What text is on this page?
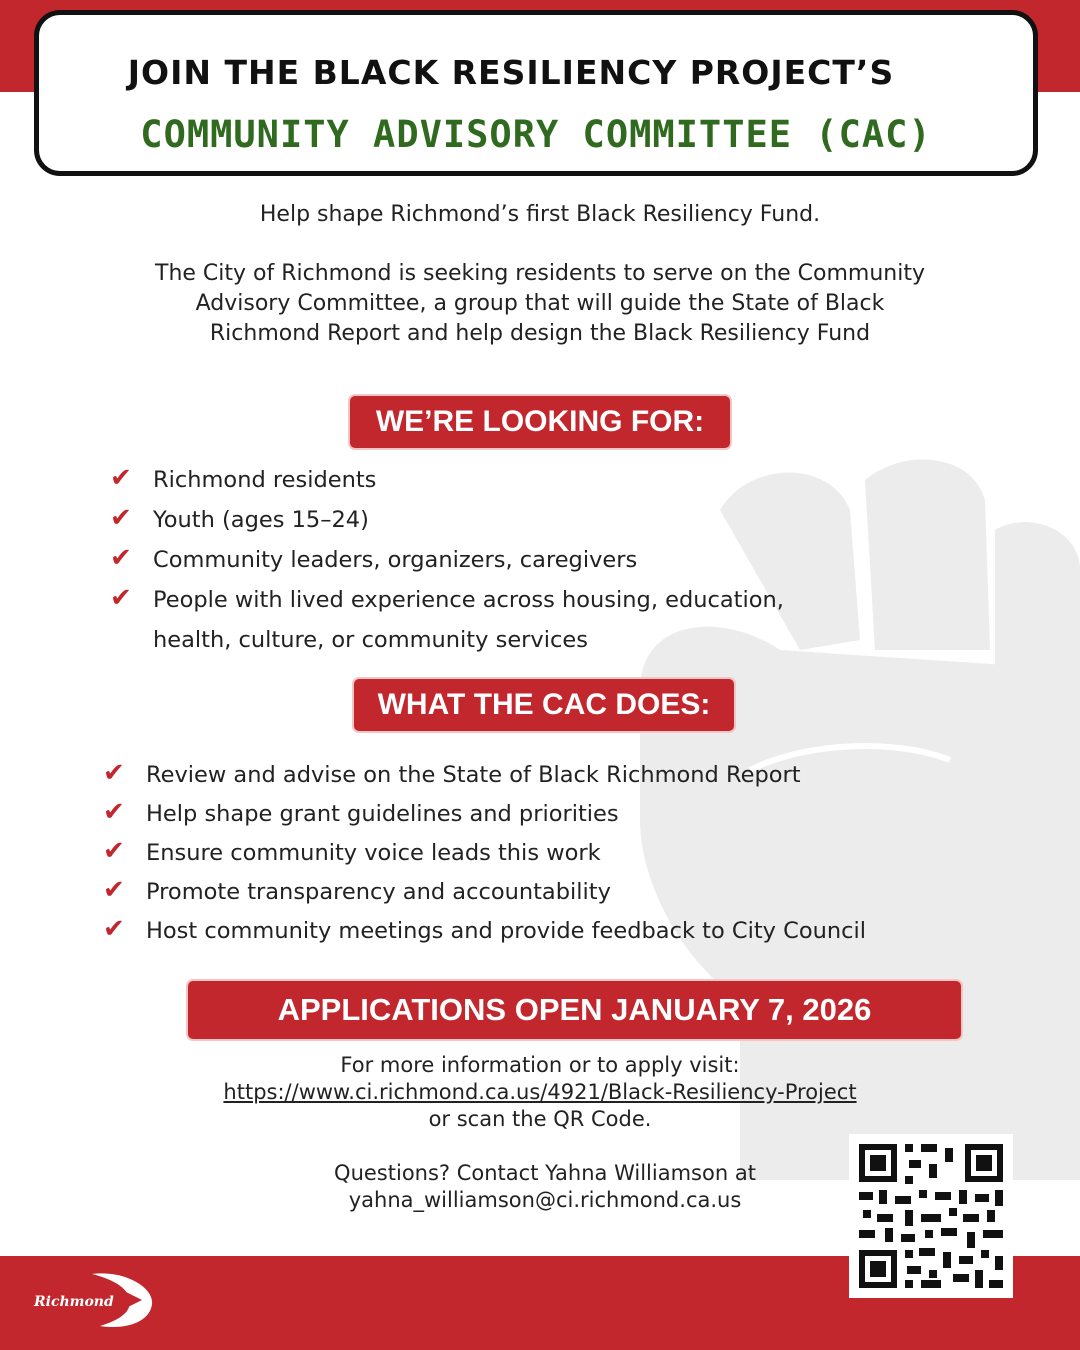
JOIN THE BLACK RESILIENCY PROJECT’S
COMMUNITY ADVISORY COMMITTEE (CAC)
Help shape Richmond’s first Black Resiliency Fund.
The City of Richmond is seeking residents to serve on the Community
Advisory Committee, a group that will guide the State of Black
Richmond Report and help design the Black Resiliency Fund
WE’RE LOOKING FOR:
✔ Richmond residents
✔ Youth (ages 15–24)
✔ Community leaders, organizers, caregivers
✔ People with lived experience across housing, education,
health, culture, or community services
WHAT THE CAC DOES:
✔ Review and advise on the State of Black Richmond Report
✔ Help shape grant guidelines and priorities
✔ Ensure community voice leads this work
✔ Promote transparency and accountability
✔ Host community meetings and provide feedback to City Council
APPLICATIONS OPEN JANUARY 7, 2026
For more information or to apply visit:
https://www.ci.richmond.ca.us/4921/Black-Resiliency-Project
or scan the QR Code.
Questions? Contact Yahna Williamson at
yahna_williamson@ci.richmond.ca.us
Richmond
